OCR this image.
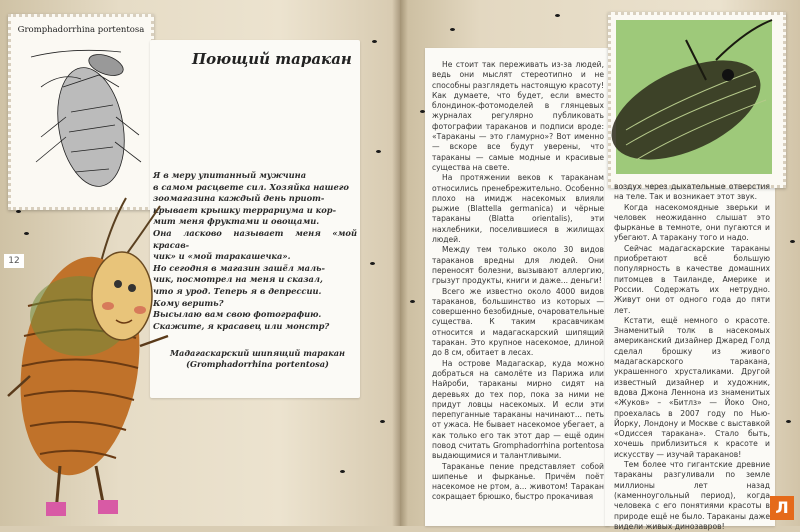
Gromphadorrhina portentosa
Поющий таракан

Я в меру упитанный мужчина

в самом расцвете сил. Хозяйка нашего

зоомагазина каждый день приот-

крывает крышку террариума и кор-

мит меня фруктами и овощами.

Она ласково называет меня «мой красав-

чик» и «мой таракашечка».

Но сегодня в магазин зашёл маль-

чик, посмотрел на меня и сказал,

что я урод. Теперь я в депрессии.

Кому верить?

Высылаю вам свою фотографию.

Скажите, я красавец или монстр?

Мадагаскарский шипящий таракан
(Gromphadorrhina portentosa)
12

Не стоит так переживать из-за людей, ведь они мыслят стереотипно и не способны разглядеть настоящую красоту! Как думаете, что будет, если вместо блондинок-фотомоделей в глянцевых журналах регулярно публиковать фотографии тараканов и подписи вроде: «Тараканы — это гламурно»? Вот именно — вскоре все будут уверены, что тараканы — самые модные и красивые существа на свете.

На протяжении веков к тараканам относились пренебрежительно. Особенно плохо на имидж насекомых влияли рыжие (Blattella germanica) и чёрные тараканы (Blatta orientalis), эти нахлебники, поселившиеся в жилищах людей.

Между тем только около 30 видов тараканов вредны для людей. Они переносят болезни, вызывают аллергию, грызут продукты, книги и даже... деньги!

Всего же известно около 4000 видов тараканов, большинство из которых — совершенно безобидные, очаровательные существа. К таким красавчикам относится и мадагаскарский шипящий таракан. Это крупное насекомое, длиной до 8 см, обитает в лесах.

На острове Мадагаскар, куда можно добраться на самолёте из Парижа или Найроби, тараканы мирно сидят на деревьях до тех пор, пока за ними не придут ловцы насекомых. И если эти перепуганные тараканы начинают... петь от ужаса. Не бывает насекомое убегает, а как только его так этот дар — ещё один повод считать Gromphadorrhina portentosa выдающимися и талантливыми.

Тараканье пение представляет собой шипенье и фырканье. Причём поёт насекомое не ртом, а... животом! Таракан сокращает брюшко, быстро прокачивая

воздух через дыхательные отверстия на теле. Так и возникает этот звук.

Когда насекомоядные зверьки и человек неожиданно слышат это фырканье в темноте, они пугаются и убегают. А таракану того и надо.

Сейчас мадагаскарские тараканы приобретают всё большую популярность в качестве домашних питомцев в Таиланде, Америке и России. Содержать их нетрудно. Живут они от одного года до пяти лет.

Кстати, ещё немного о красоте. Знаменитый толк в насекомых американский дизайнер Джаред Голд сделал брошку из живого мадагаскарского таракана, украшенного хрусталиками. Другой известный дизайнер и художник, вдова Джона Леннона из знаменитых «Жуков» – «Битлз» — Йоко Оно, проехалась в 2007 году по Нью-Йорку, Лондону и Москве с выставкой «Одиссея таракана». Стало быть, хочешь приблизиться к красоте и искусству — изучай тараканов!

Тем более что гигантские древние тараканы разгуливали по земле миллионы лет назад (каменноугольный период), когда человека с его понятиями красоты в природе ещё не было. Тараканы даже видели живых динозавров!

Л
